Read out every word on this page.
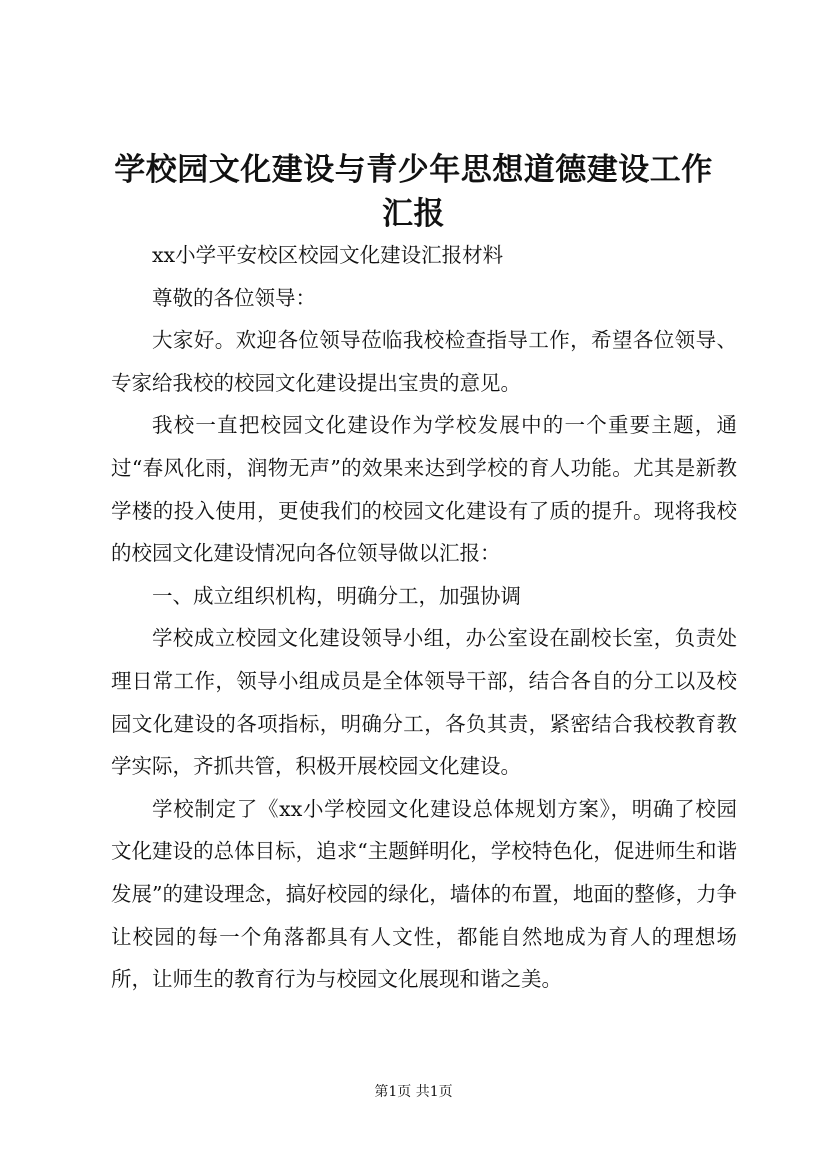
学校园文化建设与青少年思想道德建设工作汇报

xx小学平安校区校园文化建设汇报材料

尊敬的各位领导：

大家好。欢迎各位领导莅临我校检查指导工作，希望各位领导、专家给我校的校园文化建设提出宝贵的意见。

我校一直把校园文化建设作为学校发展中的一个重要主题，通过“春风化雨，润物无声”的效果来达到学校的育人功能。尤其是新教学楼的投入使用，更使我们的校园文化建设有了质的提升。现将我校的校园文化建设情况向各位领导做以汇报：

一、成立组织机构，明确分工，加强协调

学校成立校园文化建设领导小组，办公室设在副校长室，负责处理日常工作，领导小组成员是全体领导干部，结合各自的分工以及校园文化建设的各项指标，明确分工，各负其责，紧密结合我校教育教学实际，齐抓共管，积极开展校园文化建设。

学校制定了《xx小学校园文化建设总体规划方案》，明确了校园文化建设的总体目标，追求“主题鲜明化，学校特色化，促进师生和谐发展”的建设理念，搞好校园的绿化，墙体的布置，地面的整修，力争让校园的每一个角落都具有人文性，都能自然地成为育人的理想场所，让师生的教育行为与校园文化展现和谐之美。

第1页 共1页
